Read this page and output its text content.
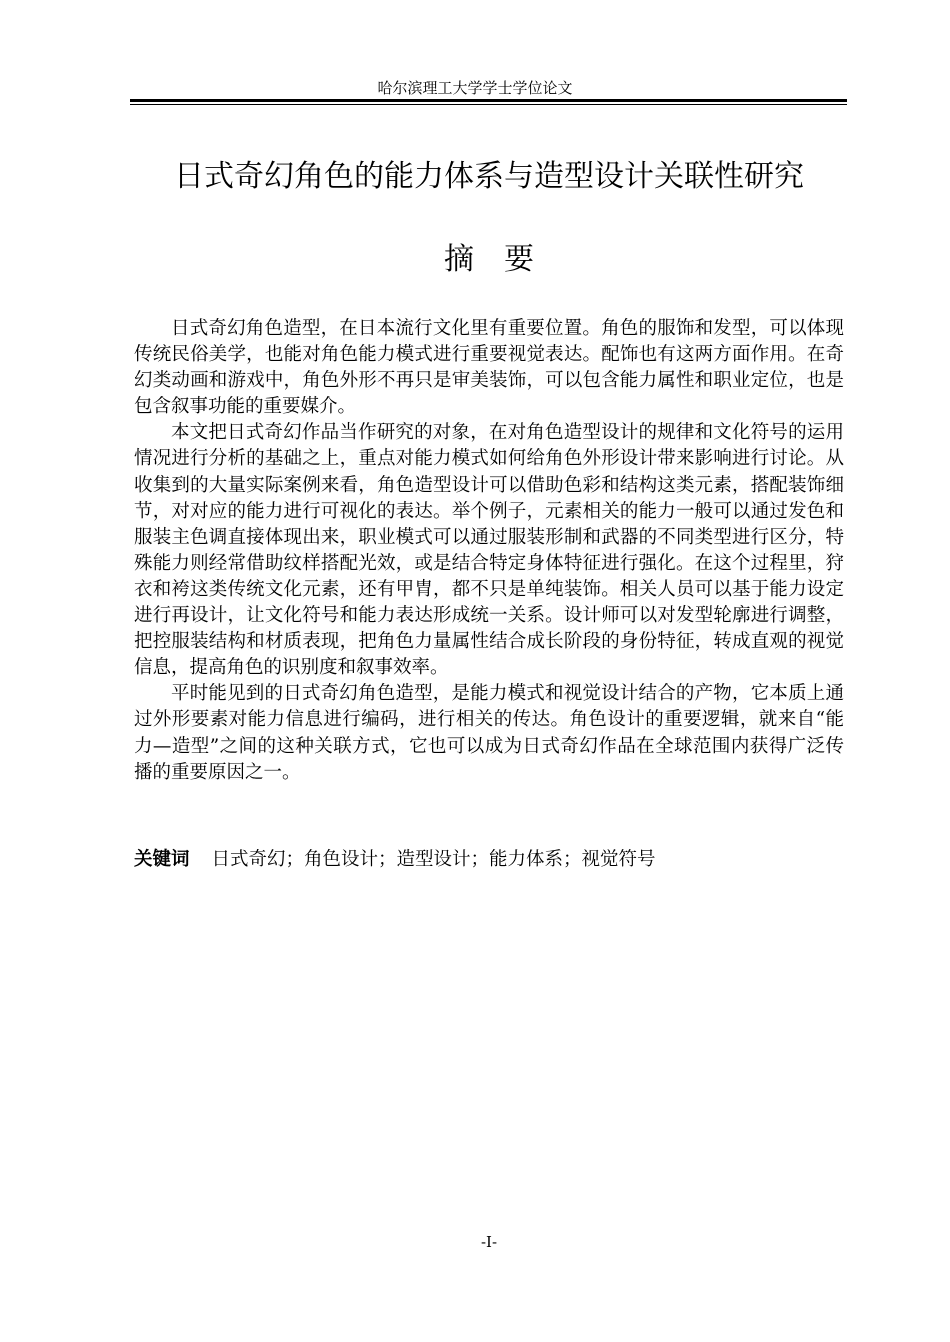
哈尔滨理工大学学士学位论文
日式奇幻角色的能力体系与造型设计关联性研究
摘 要

日式奇幻角色造型，在日本流行文化里有重要位置。角色的服饰和发型，可以体现传统民俗美学，也能对角色能力模式进行重要视觉表达。配饰也有这两方面作用。在奇幻类动画和游戏中，角色外形不再只是审美装饰，可以包含能力属性和职业定位，也是包含叙事功能的重要媒介。

本文把日式奇幻作品当作研究的对象，在对角色造型设计的规律和文化符号的运用情况进行分析的基础之上，重点对能力模式如何给角色外形设计带来影响进行讨论。从收集到的大量实际案例来看，角色造型设计可以借助色彩和结构这类元素，搭配装饰细节，对对应的能力进行可视化的表达。举个例子，元素相关的能力一般可以通过发色和服装主色调直接体现出来，职业模式可以通过服装形制和武器的不同类型进行区分，特殊能力则经常借助纹样搭配光效，或是结合特定身体特征进行强化。在这个过程里，狩衣和袴这类传统文化元素，还有甲胄，都不只是单纯装饰。相关人员可以基于能力设定进行再设计，让文化符号和能力表达形成统一关系。设计师可以对发型轮廓进行调整，把控服装结构和材质表现，把角色力量属性结合成长阶段的身份特征，转成直观的视觉信息，提高角色的识别度和叙事效率。

平时能见到的日式奇幻角色造型，是能力模式和视觉设计结合的产物，它本质上通过外形要素对能力信息进行编码，进行相关的传达。角色设计的重要逻辑，就来自“能力—造型”之间的这种关联方式，它也可以成为日式奇幻作品在全球范围内获得广泛传播的重要原因之一。

关键词 日式奇幻；角色设计；造型设计；能力体系；视觉符号
-I-
